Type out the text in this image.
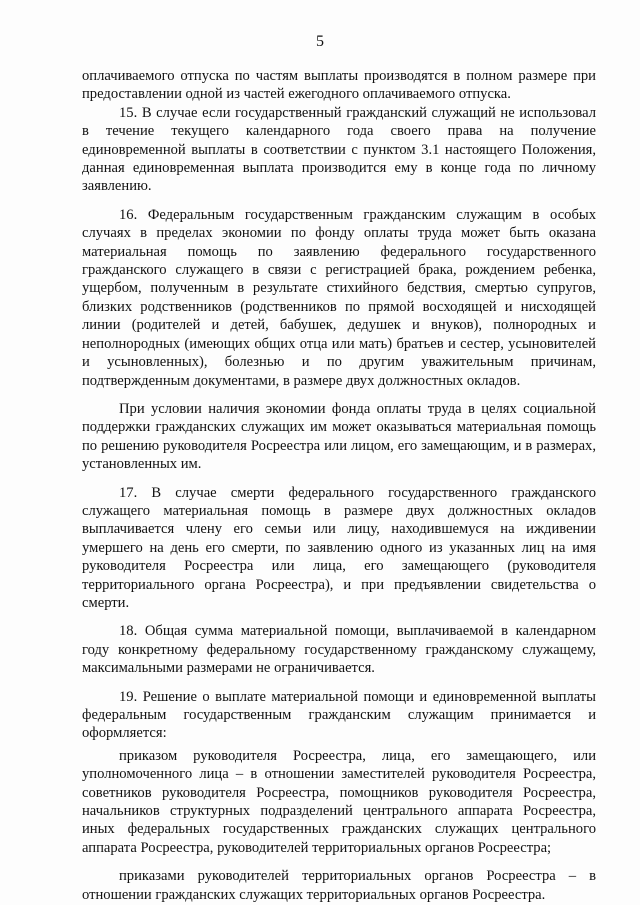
5

оплачиваемого отпуска по частям выплаты производятся в полном размере при предоставлении одной из частей ежегодного оплачиваемого отпуска.

15. В случае если государственный гражданский служащий не использовал в течение текущего календарного года своего права на получение единовременной выплаты в соответствии с пунктом 3.1 настоящего Положения, данная единовременная выплата производится ему в конце года по личному заявлению.

16. Федеральным государственным гражданским служащим в особых случаях в пределах экономии по фонду оплаты труда может быть оказана материальная помощь по заявлению федерального государственного гражданского служащего в связи с регистрацией брака, рождением ребенка, ущербом, полученным в результате стихийного бедствия, смертью супругов, близких родственников (родственников по прямой восходящей и нисходящей линии (родителей и детей, бабушек, дедушек и внуков), полнородных и неполнородных (имеющих общих отца или мать) братьев и сестер, усыновителей и усыновленных), болезнью и по другим уважительным причинам, подтвержденным документами, в размере двух должностных окладов.

При условии наличия экономии фонда оплаты труда в целях социальной поддержки гражданских служащих им может оказываться материальная помощь по решению руководителя Росреестра или лицом, его замещающим, и в размерах, установленных им.

17. В случае смерти федерального государственного гражданского служащего материальная помощь в размере двух должностных окладов выплачивается члену его семьи или лицу, находившемуся на иждивении умершего на день его смерти, по заявлению одного из указанных лиц на имя руководителя Росреестра или лица, его замещающего (руководителя территориального органа Росреестра), и при предъявлении свидетельства о смерти.

18. Общая сумма материальной помощи, выплачиваемой в календарном году конкретному федеральному государственному гражданскому служащему, максимальными размерами не ограничивается.

19. Решение о выплате материальной помощи и единовременной выплаты федеральным государственным гражданским служащим принимается и оформляется:

приказом руководителя Росреестра, лица, его замещающего, или уполномоченного лица – в отношении заместителей руководителя Росреестра, советников руководителя Росреестра, помощников руководителя Росреестра, начальников структурных подразделений центрального аппарата Росреестра, иных федеральных государственных гражданских служащих центрального аппарата Росреестра, руководителей территориальных органов Росреестра;

приказами руководителей территориальных органов Росреестра – в отношении гражданских служащих территориальных органов Росреестра.
